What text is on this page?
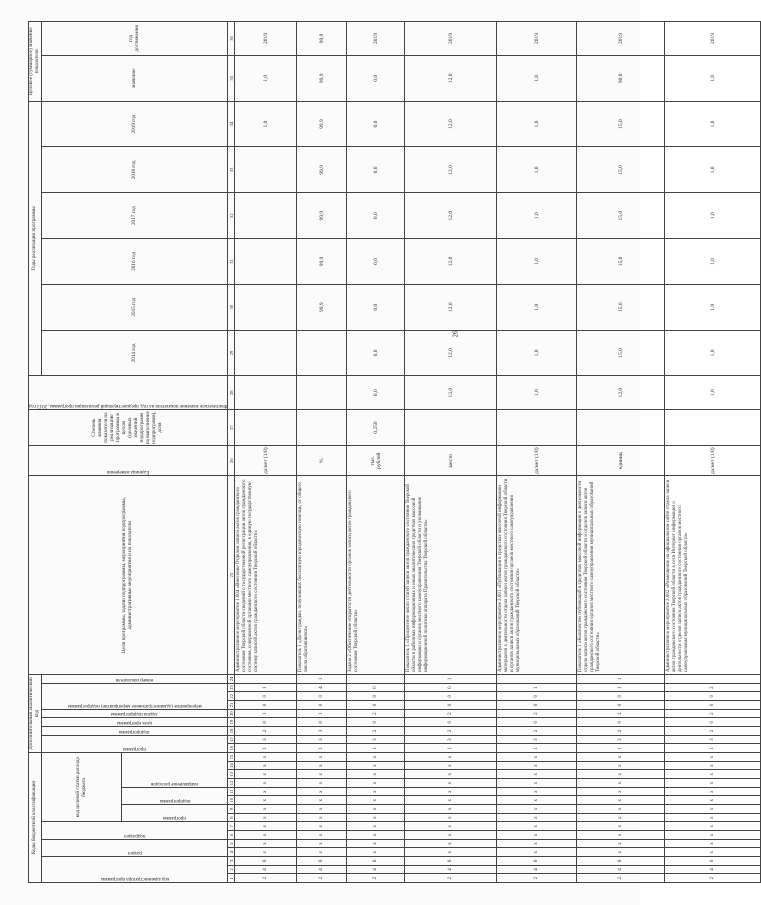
Коды бюджетной классификации															Дополнительный аналитический код									Цели программы, задачи подпрограммы, мероприятия подпрограммы, административные мероприятия и их показатели	Единица измерения	Степень влияния показателя на реализацию программы в целом (целевых значений подпрограмм на выполнение подпрограмм), доля	Фактическое значение показателя на год, предшествующий реализации программы, 2013 год	Годы реализации программы						Целевое (суммарное) значение показателя	

код администратора программы			раздел		подраздел		код целевой статьи расхода бюджета								программа		подпрограмма	цель программы	задача подпрограммы	мероприятие (административное мероприятие) подпрограммы			номер показателя					2014 год	2015 год	2016 год	2017 год	2018 год	2019 год	значение	год достижения

							программа		подпрограмма		направление расходов																								

1	2	3	4	5	6	7	8	9	10	11	12	13	14	15	16	17	18	19	20	21	22	23	24	25	26	27	28	29	30	31	32	33	34	35	36
2	4	6	х	х	х	х	х	х	х	х	х	х	х	х	1	3	2	0	1	0	0	1		Административное мероприятие 1.004 «Внесение Отделом записи актов гражданского состояния Тверской области сведений о государственной регистрации актов гражданского состояния, совершенной органами местного самоуправления, в единую государственную систему записей актов гражданского состояния Тверской области»	да/нет (1/0)								1,0	1,0	2019
2	4	6	х	х	х	х	х	х	х	х	х	х	х	х	1	3	3	0	1	0	0	4	1	Показатель 1 «Доля граждан, получивших бесплатную юридическую помощь, от общего числа обратившихся»	%				99,9	99,9	99,9	99,9	99,9	99,9	99,9
2	4	6	х	х	х	х	х	х	х	х	х	х	х	х	1	3	2	0	2	0	0	0		Задача 2 «Обеспечение открытости деятельности органов записи актов гражданского состояния Тверской области»	тыс. рублей	0,250	0,0	0,0	0,0	0,0	0,0	0,0	0,0	0,0	2019
2	4	6	х	х	х	х	х	х	х	х	х	х	х	х	1	3	2	0	2	0	0	0	1	Показатель 1 «Процентное число статей записи актов гражданского состояния Тверской области в районных информационных и иных аналитических средствах массовой информации и органов местного самоуправления Тверской области и упоминание информационной политики аппарата Правительства Тверской области»	место		13,0	12,0	12,0	12,0	12,0	12,0	12,0	12,0	2019
2	4	6	х	х	х	х	х	х	х	х	х	х	х	х	1	3	2	0	2	0	0	1		Административное мероприятие 2.001 «Публикация в средствах массовой информации материалов о деятельности отдела записи актов гражданского состояния Тверской области и органов записи актов гражданского состояния органов местного самоуправления муниципальных образований Тверской области»	да/нет (1/0)		1,0	1,0	1,0	1,0	1,0	1,0	1,0	1,0	2019
2	4	6	х	х	х	х	х	х	х	х	х	х	х	х	1	3	2	0	2	0	0	1	1	Показатель 1 «Количество публикаций в средствах массовой информации о деятельности отдела записи актов гражданского состояния Тверской области и отделов записи актов гражданского состояния органов местного самоуправления муниципальных образований Тверской области»	единиц		12,0	15,0	15,0	15,0	15,0	15,0	15,0	90,0	2019
2	4	6	х	х	х	х	х	х	х	х	х	х	х	х	1	3	2	0	2	0	0	2		Административное мероприятие 2.002 «Размещение на официальном сайте отдела записи актов гражданского состояния Тверской области в сети Интернет информации о деятельности отделов записи актов гражданского состояния органов местного самоуправления муниципальных образований Тверской области»	да/нет (1/0)		1,0	1,0	1,0	1,0	1,0	1,0	1,0	1,0	2019
26
